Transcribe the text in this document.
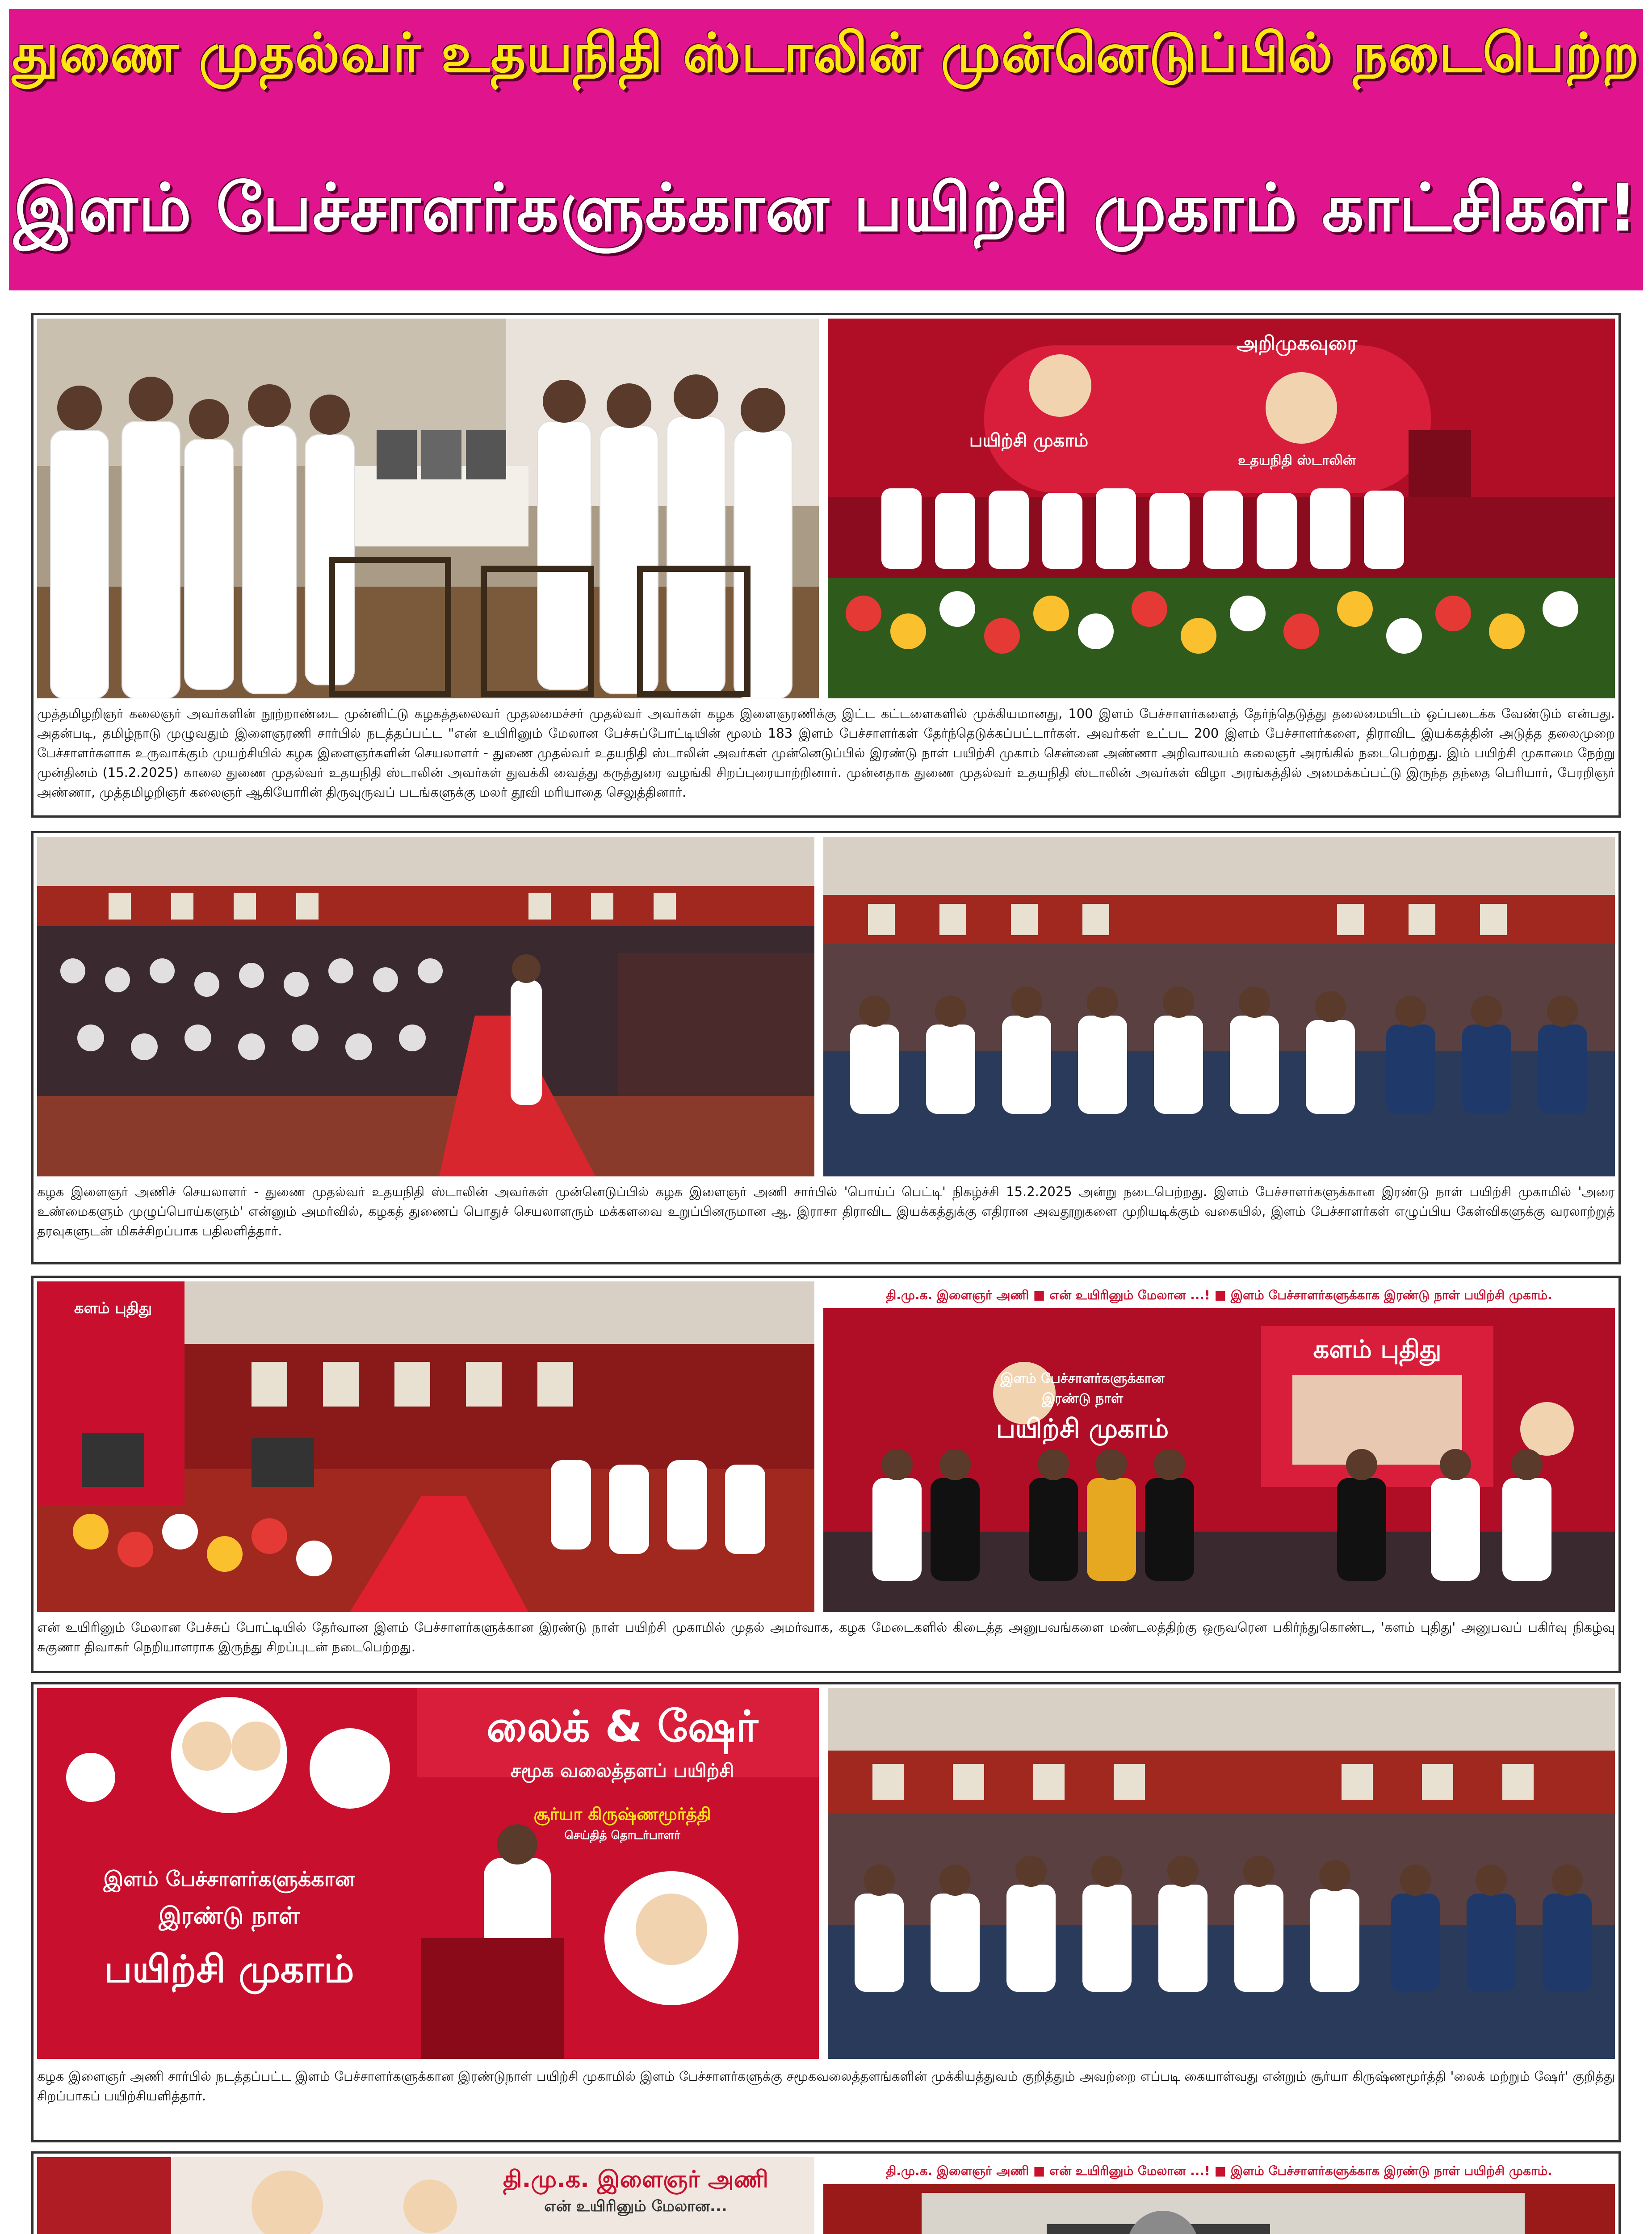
துணை முதல்வர் உதயநிதி ஸ்டாலின் முன்னெடுப்பில் நடைபெற்ற
இளம் பேச்சாளர்களுக்கான பயிற்சி முகாம் காட்சிகள்!
அறிமுகவுரை
உதயநிதி ஸ்டாலின்
பயிற்சி முகாம்
முத்தமிழறிஞர் கலைஞர் அவர்களின் நூற்றாண்டை முன்னிட்டு கழகத்தலைவர் முதலமைச்சர் முதல்வர் அவர்கள் கழக இளைஞரணிக்கு இட்ட கட்டளைகளில் முக்கியமானது, 100 இளம் பேச்சாளர்களைத் தேர்ந்தெடுத்து தலைமையிடம் ஒப்படைக்க வேண்டும் என்பது. அதன்படி, தமிழ்நாடு முழுவதும் இளைஞரணி சார்பில் நடத்தப்பட்ட "என் உயிரினும் மேலான பேச்சுப்போட்டியின் மூலம் 183 இளம் பேச்சாளர்கள் தேர்ந்தெடுக்கப்பட்டார்கள். அவர்கள் உட்பட 200 இளம் பேச்சாளர்களை, திராவிட இயக்கத்தின் அடுத்த தலைமுறை பேச்சாளர்களாக உருவாக்கும் முயற்சியில் கழக இளைஞர்களின் செயலாளர் - துணை முதல்வர் உதயநிதி ஸ்டாலின் அவர்கள் முன்னெடுப்பில் இரண்டு நாள் பயிற்சி முகாம் சென்னை அண்ணா அறிவாலயம் கலைஞர் அரங்கில் நடைபெற்றது. இம் பயிற்சி முகாமை நேற்று முன்தினம் (15.2.2025) காலை துணை முதல்வர் உதயநிதி ஸ்டாலின் அவர்கள் துவக்கி வைத்து கருத்துரை வழங்கி சிறப்புரையாற்றினார். முன்னதாக துணை முதல்வர் உதயநிதி ஸ்டாலின் அவர்கள் விழா அரங்கத்தில் அமைக்கப்பட்டு இருந்த தந்தை பெரியார், பேரறிஞர் அண்ணா, முத்தமிழறிஞர் கலைஞர் ஆகியோரின் திருவுருவப் படங்களுக்கு மலர் தூவி மரியாதை செலுத்தினார்.
கழக இளைஞர் அணிச் செயலாளர் - துணை முதல்வர் உதயநிதி ஸ்டாலின் அவர்கள் முன்னெடுப்பில் கழக இளைஞர் அணி சார்பில் 'பொய்ப் பெட்டி' நிகழ்ச்சி 15.2.2025 அன்று நடைபெற்றது. இளம் பேச்சாளர்களுக்கான இரண்டு நாள் பயிற்சி முகாமில் 'அரை உண்மைகளும் முழுப்பொய்களும்' என்னும் அமர்வில், கழகத் துணைப் பொதுச் செயலாளரும் மக்களவை உறுப்பினருமான ஆ. இராசா திராவிட இயக்கத்துக்கு எதிரான அவதூறுகளை முறியடிக்கும் வகையில், இளம் பேச்சாளர்கள் எழுப்பிய கேள்விகளுக்கு வரலாற்றுத் தரவுகளுடன் மிகச்சிறப்பாக பதிலளித்தார்.
களம் புதிது
தி.மு.க. இளைஞர் அணி ■ என் உயிரினும் மேலான ...! ■ இளம் பேச்சாளர்களுக்காக இரண்டு நாள் பயிற்சி முகாம்.
களம் புதிது
இளம் பேச்சாளர்களுக்கான
இரண்டு நாள்
பயிற்சி முகாம்
என் உயிரினும் மேலான பேச்சுப் போட்டியில் தேர்வான இளம் பேச்சாளர்களுக்கான இரண்டு நாள் பயிற்சி முகாமில் முதல் அமர்வாக, கழக மேடைகளில் கிடைத்த அனுபவங்களை மண்டலத்திற்கு ஒருவரென பகிர்ந்துகொண்ட, 'களம் புதிது' அனுபவப் பகிர்வு நிகழ்வு சுகுணா திவாகர் நெறியாளராக இருந்து சிறப்புடன் நடைபெற்றது.
லைக் & ஷேர்
சமூக வலைத்தளப் பயிற்சி
சூர்யா கிருஷ்ணமூர்த்தி
செய்தித் தொடர்பாளர்
இளம் பேச்சாளர்களுக்கான
இரண்டு நாள்
பயிற்சி முகாம்
கழக இளைஞர் அணி சார்பில் நடத்தப்பட்ட இளம் பேச்சாளர்களுக்கான இரண்டுநாள் பயிற்சி முகாமில் இளம் பேச்சாளர்களுக்கு சமூகவலைத்தளங்களின் முக்கியத்துவம் குறித்தும் அவற்றை எப்படி கையாள்வது என்றும் சூர்யா கிருஷ்ணமூர்த்தி 'லைக் மற்றும் ஷேர்' குறித்து சிறப்பாகப் பயிற்சியளித்தார்.
தி.மு.க. இளைஞர் அணி
என் உயிரினும் மேலான...
தி.மு.க. இளைஞர் அணி ■ என் உயிரினும் மேலான ...! ■ இளம் பேச்சாளர்களுக்காக இரண்டு நாள் பயிற்சி முகாம்.
